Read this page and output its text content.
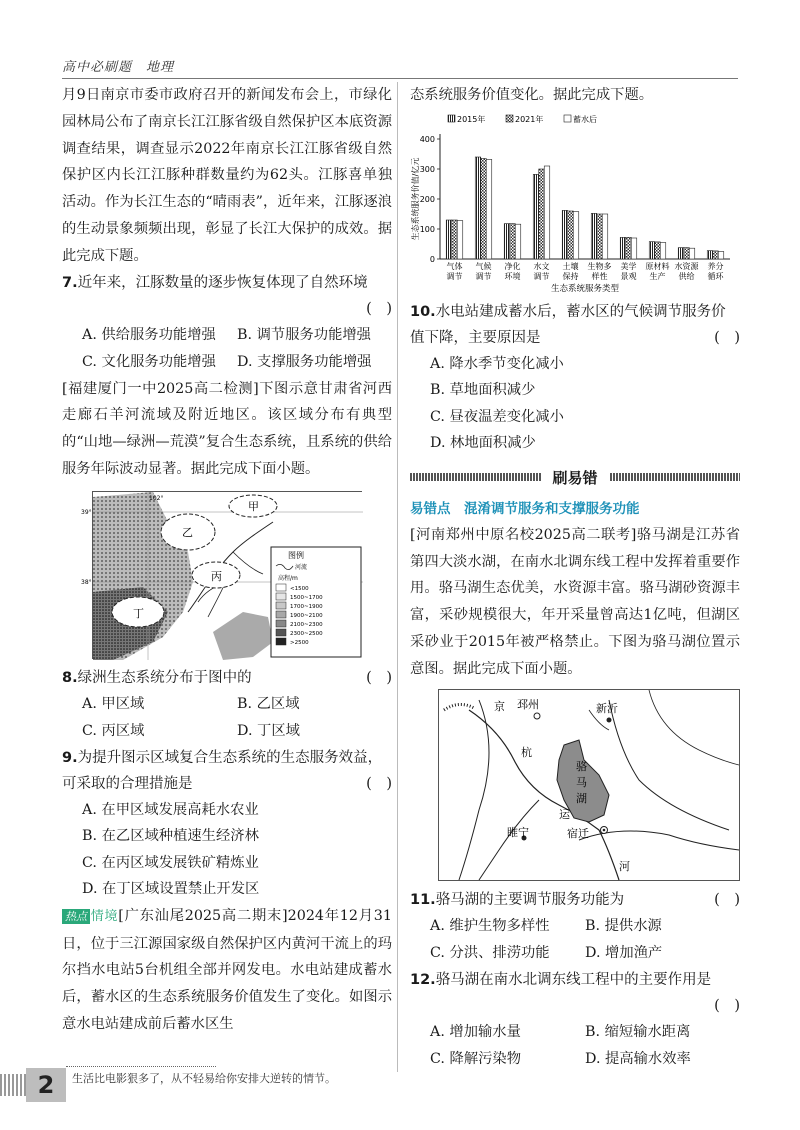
高中必刷题　地理

月9日南京市委市政府召开的新闻发布会上，市绿化园林局公布了南京长江江豚省级自然保护区本底资源调查结果，调查显示2022年南京长江江豚省级自然保护区内长江江豚种群数量约为62头。江豚喜单独活动。作为长江生态的“晴雨表”，近年来，江豚逐浪的生动景象频频出现，彰显了长江大保护的成效。据此完成下题。

7.近年来，江豚数量的逐步恢复体现了自然环境
(　)
A. 供给服务功能增强	B. 调节服务功能增强
C. 文化服务功能增强	D. 支撑服务功能增强

[福建厦门一中2025高二检测]下图示意甘肃省河西走廊石羊河流域及附近地区。该区域分布有典型的“山地—绿洲—荒漠”复合生态系统，且系统的供给服务年际波动显著。据此完成下面小题。

102°
39°
38°
甲
乙
丙
丁
图例
河流
高程/m
<1500
1500~1700
1700~1900
1900~2100
2100~2300
2300~2500
>2500
8.绿洲生态系统分布于图中的	(　)
A. 甲区域	B. 乙区域
C. 丙区域	D. 丁区域
9.为提升图示区域复合生态系统的生态服务效益，可采取的合理措施是	(　)
A. 在甲区域发展高耗水农业
B. 在乙区域种植速生经济林
C. 在丙区域发展铁矿精炼业
D. 在丁区域设置禁止开发区

热点 情境[广东汕尾2025高二期末]2024年12月31日，位于三江源国家级自然保护区内黄河干流上的玛尔挡水电站5台机组全部并网发电。水电站建成蓄水后，蓄水区的生态系统服务价值发生了变化。如图示意水电站建成前后蓄水区生

态系统服务价值变化。据此完成下题。

0
100
200
300
400
生态系统服务价值/亿元
2015年	2021年	蓄水后
气体
调节
气候
调节
净化
环境
水文
调节
土壤
保持
生物多
样性
美学
景观
原材料
生产
水资源
供给
养分
循环
生态系统服务类型
10.水电站建成蓄水后，蓄水区的气候调节服务价值下降，主要原因是	(　)
A. 降水季节变化减小
B. 草地面积减少
C. 昼夜温差变化减小
D. 林地面积减少
刷易错
易错点　混淆调节服务和支撑服务功能

[河南郑州中原名校2025高二联考]骆马湖是江苏省第四大淡水湖，在南水北调东线工程中发挥着重要作用。骆马湖生态优美，水资源丰富。骆马湖砂资源丰富，采砂规模很大，年开采量曾高达1亿吨，但湖区采砂业于2015年被严格禁止。下图为骆马湖位置示意图。据此完成下面小题。

京 邳州	新沂
杭
骆
马
湖
运
睢宁	宿迁
河
11.骆马湖的主要调节服务功能为	(　)
A. 维护生物多样性	B. 提供水源
C. 分洪、排涝功能	D. 增加渔产
12.骆马湖在南水北调东线工程中的主要作用是
(　)
A. 增加输水量	B. 缩短输水距离
C. 降解污染物	D. 提高输水效率
2	生活比电影狠多了，从不轻易给你安排大逆转的情节。
